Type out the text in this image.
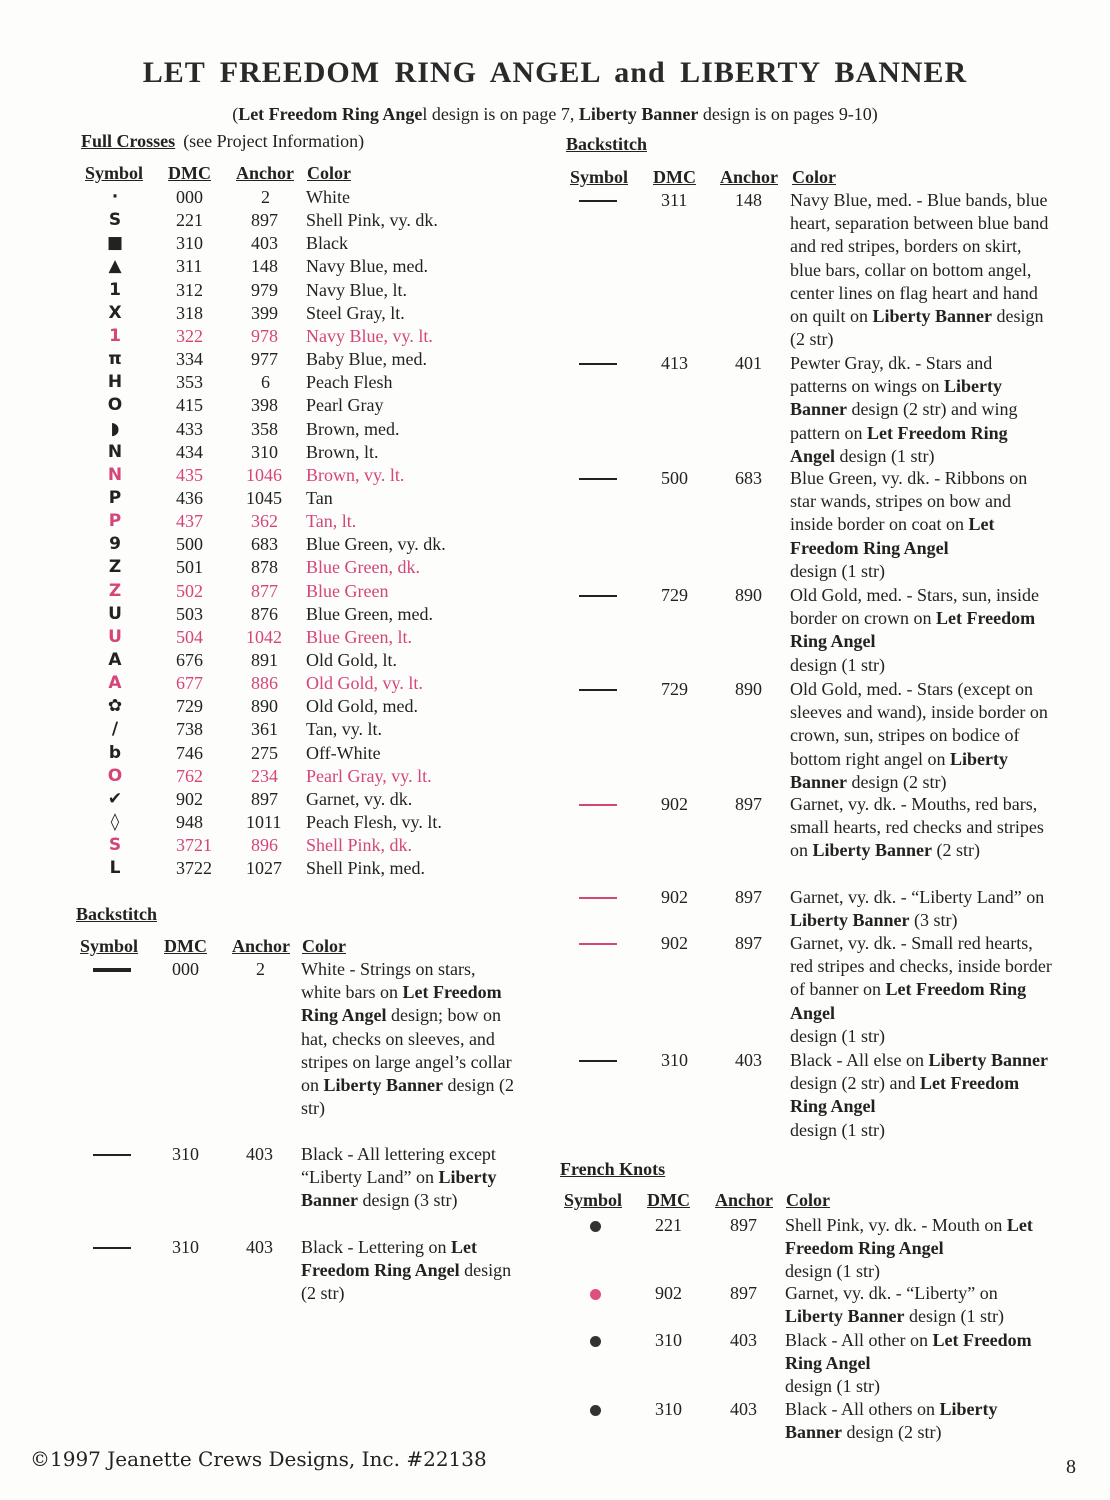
LET FREEDOM RING ANGEL and LIBERTY BANNER
(Let Freedom Ring Angel design is on page 7, Liberty Banner design is on pages 9-10)
Full Crosses (see Project Information)
Symbol DMC Anchor Color
·	000	2 White
S	221	897 Shell Pink, vy. dk.
■	310	403 Black
▲	311	148 Navy Blue, med.
1	312	979 Navy Blue, lt.
X	318	399 Steel Gray, lt.
1	322	978 Navy Blue, vy. lt.
π	334	977 Baby Blue, med.
H	353	6 Peach Flesh
O	415	398 Pearl Gray
◗	433	358 Brown, med.
N	434	310 Brown, lt.
N	435 1046 Brown, vy. lt.
P	436 1045 Tan
P	437	362 Tan, lt.
9	500	683 Blue Green, vy. dk.
Z	501	878 Blue Green, dk.
Z	502	877 Blue Green
U	503	876 Blue Green, med.
U	504 1042 Blue Green, lt.
A	676	891 Old Gold, lt.
A	677	886 Old Gold, vy. lt.
✿	729	890 Old Gold, med.
∕	738	361 Tan, vy. lt.
b	746	275 Off-White
O	762	234 Pearl Gray, vy. lt.
✔	902	897 Garnet, vy. dk.
◊	948 1011 Peach Flesh, vy. lt.
S	3721 896 Shell Pink, dk.
L	3722 1027 Shell Pink, med.
Backstitch
Symbol DMC Anchor Color
000	2 White - Strings on stars, white bars on Let Freedom Ring Angel design; bow on hat, checks on sleeves, and stripes on large angel’s collar on Liberty Banner design (2 str)
310	403 Black - All lettering except “Liberty Land” on Liberty Banner design (3 str)
310	403 Black - Lettering on Let Freedom Ring Angel design (2 str)
Backstitch
Symbol DMC Anchor Color
311	148 Navy Blue, med. - Blue bands, blue heart, separation between blue band and red stripes, borders on skirt, blue bars, collar on bottom angel, center lines on flag heart and hand on quilt on Liberty Banner design (2 str)
413	401 Pewter Gray, dk. - Stars and patterns on wings on Liberty Banner design (2 str) and wing pattern on Let Freedom Ring Angel design (1 str)
500	683 Blue Green, vy. dk. - Ribbons on star wands, stripes on bow and inside border on coat on Let Freedom Ring Angel
design (1 str)
729	890 Old Gold, med. - Stars, sun, inside border on crown on Let Freedom Ring Angel
design (1 str)
729	890 Old Gold, med. - Stars (except on sleeves and wand), inside border on crown, sun, stripes on bodice of bottom right angel on Liberty Banner design (2 str)
902	897 Garnet, vy. dk. - Mouths, red bars, small hearts, red checks and stripes on Liberty Banner (2 str)
902	897 Garnet, vy. dk. - “Liberty Land” on Liberty Banner (3 str)
902	897 Garnet, vy. dk. - Small red hearts, red stripes and checks, inside border of banner on Let Freedom Ring Angel
design (1 str)
310	403 Black - All else on Liberty Banner design (2 str) and Let Freedom Ring Angel
design (1 str)
French Knots
Symbol DMC Anchor Color
221	897 Shell Pink, vy. dk. - Mouth on Let Freedom Ring Angel
design (1 str)
902	897 Garnet, vy. dk. - “Liberty” on Liberty Banner design (1 str)
310	403 Black - All other on Let Freedom Ring Angel
design (1 str)
310	403 Black - All others on Liberty Banner design (2 str)
©1997 Jeanette Crews Designs, Inc. #22138	8
